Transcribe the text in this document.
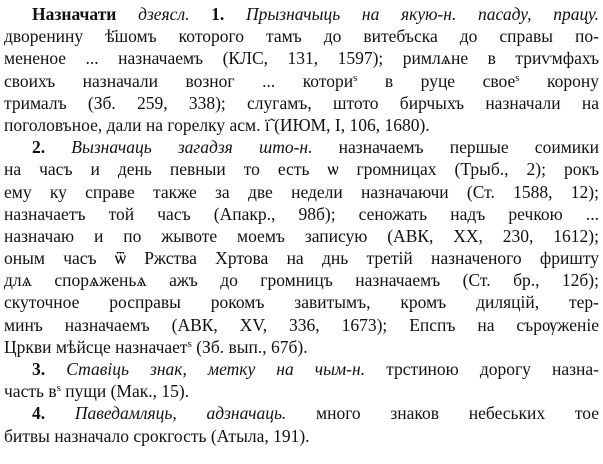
Назначати дзеясл. 1. Прызначыць на якую-н. пасаду, працу.
дворенину ѣ҃шомъ которого тамъ до витебъска до справы по-
мененое ... назначаемъ (КЛС, 131, 1597); римлѧне в триѵмфахъ
своихъ назначали возног ... котори$^s$ в руце свое$^s$ корону
трималъ (Зб. 259, 338); слугамъ, штото бирчыхъ назначали на
поголовъное, дали на горелку асм. ї̃ (ИЮМ, I, 106, 1680).
2. Вызначаць загадзя што-н. назначаемъ першые соимики
на часъ и день певныи то есть ѡ громницах (Трыб., 2); рокъ
ему ку справе также за две недели назначаючи (Ст. 1588, 12);
назначаетъ той часъ (Апакр., 98б); сеножать надъ речкою ...
назначаю и по жывоте моемъ записую (АВК, XX, 230, 1612);
оным часъ ѿ Ржства Хртова на днь третій назначеного фришту
длѧ спорѧженьѧ ажъ до громницъ назначаемъ (Ст. бр., 12б);
скуточное росправы рокомъ завитымъ, кромъ диляцій, тер-
минъ назначаемъ (АВК, XV, 336, 1673); Епспъ на сърѹженіе
Цркви мѣйсце назначает$^s$ (Зб. вып., 67б).
3. Ставіць знак, метку на чым-н. трстиною дорогу назна-
часть $в^s$ пущи (Мак., 15).
4. Паведамляць, адзначаць. много знаков небеських тое
битвы назначало срокгость (Атыла, 191).
